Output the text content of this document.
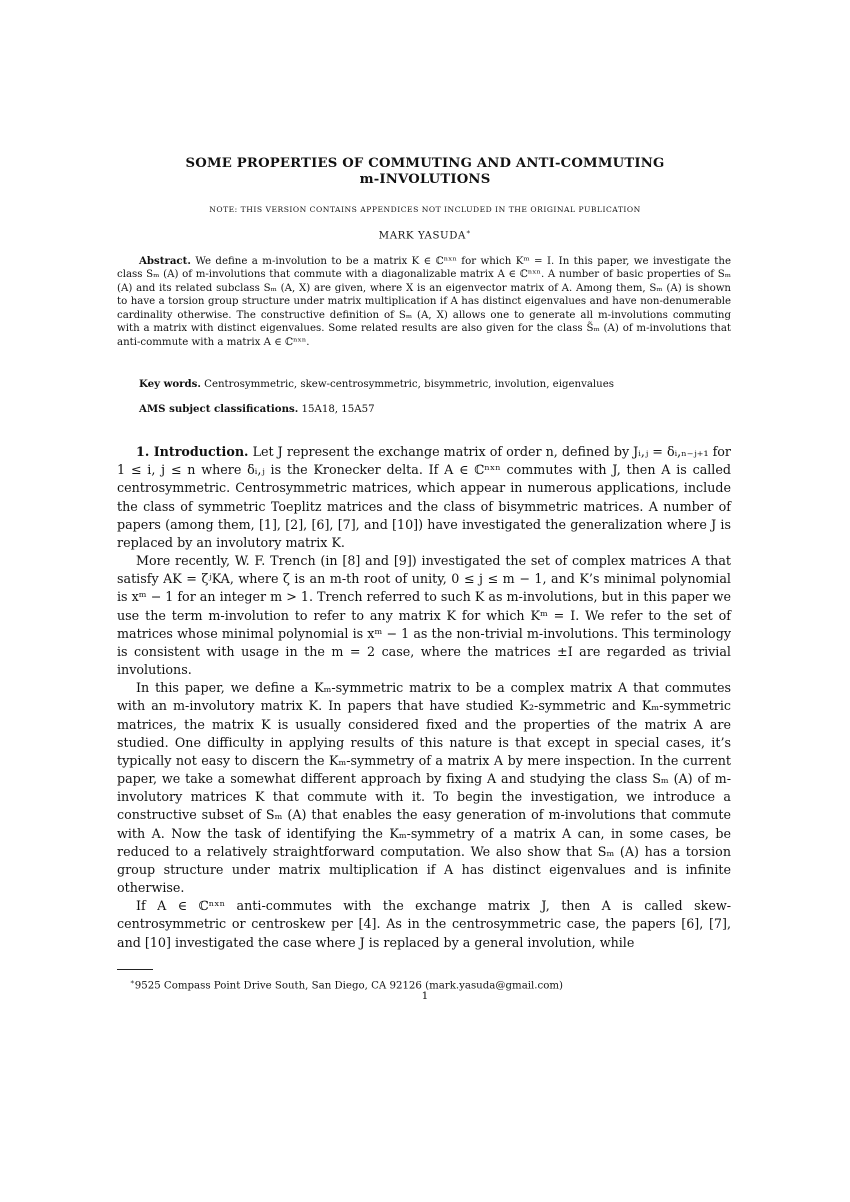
SOME PROPERTIES OF COMMUTING AND ANTI-COMMUTING
m-INVOLUTIONS
NOTE: THIS VERSION CONTAINS APPENDICES NOT INCLUDED IN THE ORIGINAL PUBLICATION
MARK YASUDA∗
Abstract. We define a m-involution to be a matrix K ∈ ℂⁿˣⁿ for which Kᵐ = I. In this paper, we investigate the class Sₘ (A) of m-involutions that commute with a diagonalizable matrix A ∈ ℂⁿˣⁿ. A number of basic properties of Sₘ (A) and its related subclass Sₘ (A, X) are given, where X is an eigenvector matrix of A. Among them, Sₘ (A) is shown to have a torsion group structure under matrix multiplication if A has distinct eigenvalues and have non-denumerable cardinality otherwise. The constructive definition of Sₘ (A, X) allows one to generate all m-involutions commuting with a matrix with distinct eigenvalues. Some related results are also given for the class S̃ₘ (A) of m-involutions that anti-commute with a matrix A ∈ ℂⁿˣⁿ.
Key words. Centrosymmetric, skew-centrosymmetric, bisymmetric, involution, eigenvalues
AMS subject classifications. 15A18, 15A57

1. Introduction. Let J represent the exchange matrix of order n, defined by Jᵢ,ⱼ = δᵢ,ₙ₋ⱼ₊₁ for 1 ≤ i, j ≤ n where δᵢ,ⱼ is the Kronecker delta. If A ∈ ℂⁿˣⁿ commutes with J, then A is called centrosymmetric. Centrosymmetric matrices, which appear in numerous applications, include the class of symmetric Toeplitz matrices and the class of bisymmetric matrices. A number of papers (among them, [1], [2], [6], [7], and [10]) have investigated the generalization where J is replaced by an involutory matrix K.

More recently, W. F. Trench (in [8] and [9]) investigated the set of complex matrices A that satisfy AK = ζʲKA, where ζ is an m-th root of unity, 0 ≤ j ≤ m − 1, and K’s minimal polynomial is xᵐ − 1 for an integer m > 1. Trench referred to such K as m-involutions, but in this paper we use the term m-involution to refer to any matrix K for which Kᵐ = I. We refer to the set of matrices whose minimal polynomial is xᵐ − 1 as the non-trivial m-involutions. This terminology is consistent with usage in the m = 2 case, where the matrices ±I are regarded as trivial involutions.

In this paper, we define a Kₘ-symmetric matrix to be a complex matrix A that commutes with an m-involutory matrix K. In papers that have studied K₂-symmetric and Kₘ-symmetric matrices, the matrix K is usually considered fixed and the properties of the matrix A are studied. One difficulty in applying results of this nature is that except in special cases, it’s typically not easy to discern the Kₘ-symmetry of a matrix A by mere inspection. In the current paper, we take a somewhat different approach by fixing A and studying the class Sₘ (A) of m-involutory matrices K that commute with it. To begin the investigation, we introduce a constructive subset of Sₘ (A) that enables the easy generation of m-involutions that commute with A. Now the task of identifying the Kₘ-symmetry of a matrix A can, in some cases, be reduced to a relatively straightforward computation. We also show that Sₘ (A) has a torsion group structure under matrix multiplication if A has distinct eigenvalues and is infinite otherwise.

If A ∈ ℂⁿˣⁿ anti-commutes with the exchange matrix J, then A is called skew-centrosymmetric or centroskew per [4]. As in the centrosymmetric case, the papers [6], [7], and [10] investigated the case where J is replaced by a general involution, while

∗9525 Compass Point Drive South, San Diego, CA 92126 (mark.yasuda@gmail.com)
1
